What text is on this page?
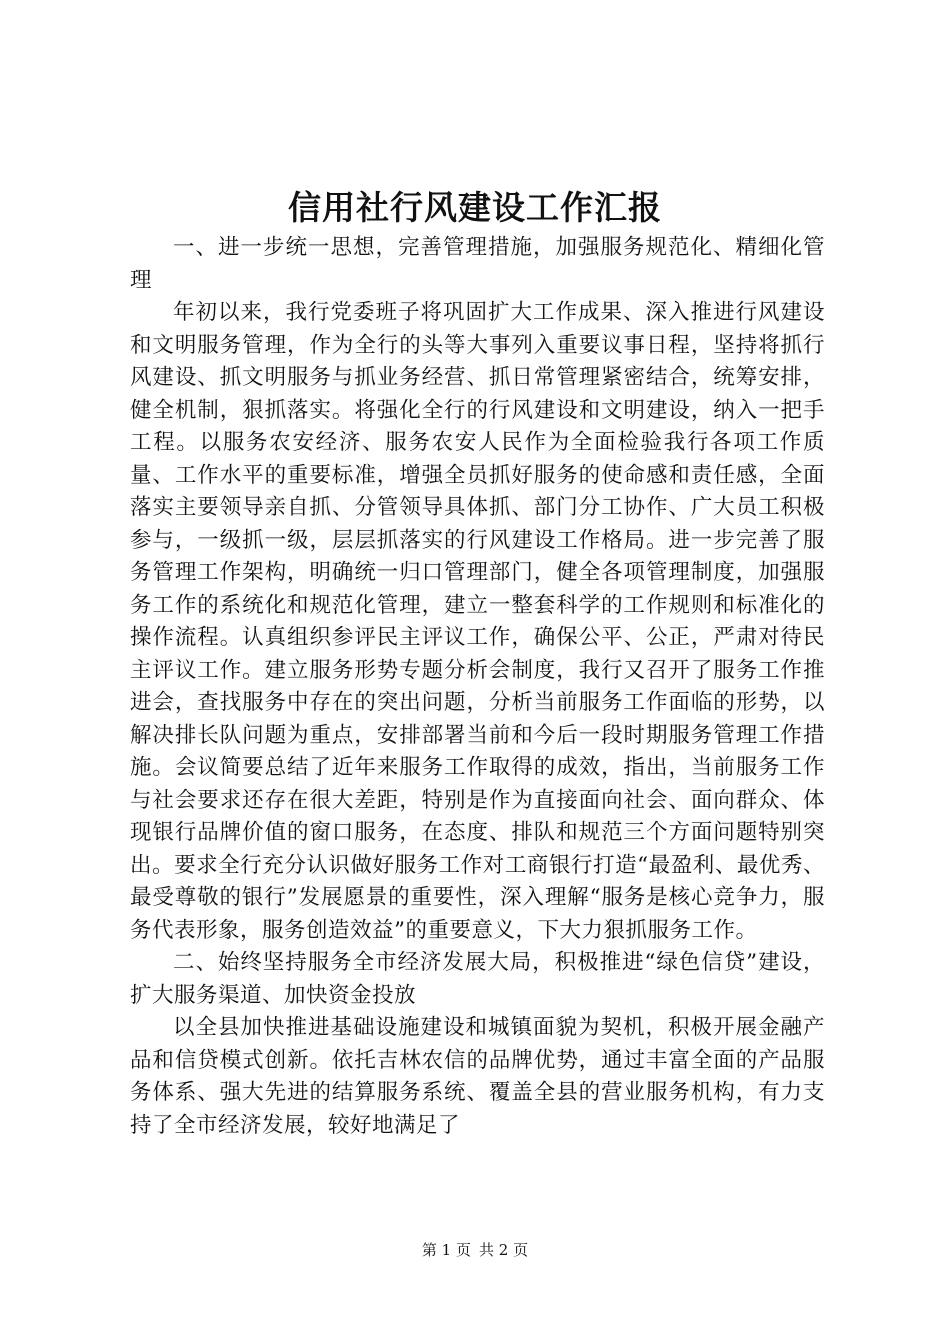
信用社行风建设工作汇报

一、进一步统一思想，完善管理措施，加强服务规范化、精细化管理

年初以来，我行党委班子将巩固扩大工作成果、深入推进行风建设和文明服务管理，作为全行的头等大事列入重要议事日程，坚持将抓行风建设、抓文明服务与抓业务经营、抓日常管理紧密结合，统筹安排，健全机制，狠抓落实。将强化全行的行风建设和文明建设，纳入一把手工程。以服务农安经济、服务农安人民作为全面检验我行各项工作质量、工作水平的重要标准，增强全员抓好服务的使命感和责任感，全面落实主要领导亲自抓、分管领导具体抓、部门分工协作、广大员工积极参与，一级抓一级，层层抓落实的行风建设工作格局。进一步完善了服务管理工作架构，明确统一归口管理部门，健全各项管理制度，加强服务工作的系统化和规范化管理，建立一整套科学的工作规则和标准化的操作流程。认真组织参评民主评议工作，确保公平、公正，严肃对待民主评议工作。建立服务形势专题分析会制度，我行又召开了服务工作推进会，查找服务中存在的突出问题，分析当前服务工作面临的形势，以解决排长队问题为重点，安排部署当前和今后一段时期服务管理工作措施。会议简要总结了近年来服务工作取得的成效，指出，当前服务工作与社会要求还存在很大差距，特别是作为直接面向社会、面向群众、体现银行品牌价值的窗口服务，在态度、排队和规范三个方面问题特别突出。要求全行充分认识做好服务工作对工商银行打造“最盈利、最优秀、最受尊敬的银行”发展愿景的重要性，深入理解“服务是核心竞争力，服务代表形象，服务创造效益”的重要意义，下大力狠抓服务工作。

二、始终坚持服务全市经济发展大局，积极推进“绿色信贷”建设，扩大服务渠道、加快资金投放

以全县加快推进基础设施建设和城镇面貌为契机，积极开展金融产品和信贷模式创新。依托吉林农信的品牌优势，通过丰富全面的产品服务体系、强大先进的结算服务系统、覆盖全县的营业服务机构，有力支持了全市经济发展，较好地满足了

第 1 页 共 2 页
